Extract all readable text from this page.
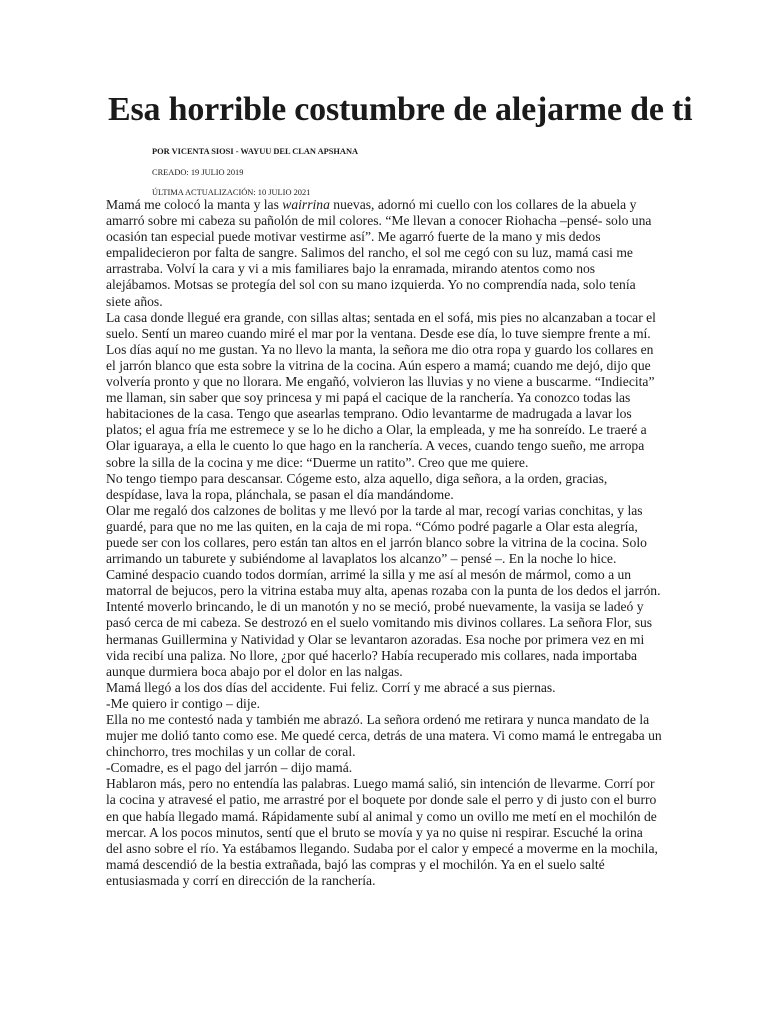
Esa horrible costumbre de alejarme de ti
POR VICENTA SIOSI - WAYUU DEL CLAN APSHANA
CREADO: 19 JULIO 2019
ÚLTIMA ACTUALIZACIÓN: 10 JULIO 2021

Mamá me colocó la manta y las wairrina nuevas, adornó mi cuello con los collares de la abuela y amarró sobre mi cabeza su pañolón de mil colores. “Me llevan a conocer Riohacha –pensé- solo una ocasión tan especial puede motivar vestirme así”. Me agarró fuerte de la mano y mis dedos empalidecieron por falta de sangre. Salimos del rancho, el sol me cegó con su luz, mamá casi me arrastraba. Volví la cara y vi a mis familiares bajo la enramada, mirando atentos como nos alejábamos. Motsas se protegía del sol con su mano izquierda. Yo no comprendía nada, solo tenía siete años.

La casa donde llegué era grande, con sillas altas; sentada en el sofá, mis pies no alcanzaban a tocar el suelo. Sentí un mareo cuando miré el mar por la ventana. Desde ese día, lo tuve siempre frente a mí. Los días aquí no me gustan. Ya no llevo la manta, la señora me dio otra ropa y guardo los collares en el jarrón blanco que esta sobre la vitrina de la cocina. Aún espero a mamá; cuando me dejó, dijo que volvería pronto y que no llorara. Me engañó, volvieron las lluvias y no viene a buscarme. “Indiecita” me llaman, sin saber que soy princesa y mi papá el cacique de la ranchería. Ya conozco todas las habitaciones de la casa. Tengo que asearlas temprano. Odio levantarme de madrugada a lavar los platos; el agua fría me estremece y se lo he dicho a Olar, la empleada, y me ha sonreído. Le traeré a Olar iguaraya, a ella le cuento lo que hago en la ranchería. A veces, cuando tengo sueño, me arropa sobre la silla de la cocina y me dice: “Duerme un ratito”. Creo que me quiere.

No tengo tiempo para descansar. Cógeme esto, alza aquello, diga señora, a la orden, gracias, despídase, lava la ropa, plánchala, se pasan el día mandándome.

Olar me regaló dos calzones de bolitas y me llevó por la tarde al mar, recogí varias conchitas, y las guardé, para que no me las quiten, en la caja de mi ropa. “Cómo podré pagarle a Olar esta alegría, puede ser con los collares, pero están tan altos en el jarrón blanco sobre la vitrina de la cocina. Solo arrimando un taburete y subiéndome al lavaplatos los alcanzo” – pensé –. En la noche lo hice. Caminé despacio cuando todos dormían, arrimé la silla y me así al mesón de mármol, como a un matorral de bejucos, pero la vitrina estaba muy alta, apenas rozaba con la punta de los dedos el jarrón. Intenté moverlo brincando, le di un manotón y no se meció, probé nuevamente, la vasija se ladeó y pasó cerca de mi cabeza. Se destrozó en el suelo vomitando mis divinos collares. La señora Flor, sus hermanas Guillermina y Natividad y Olar se levantaron azoradas. Esa noche por primera vez en mi vida recibí una paliza. No llore, ¿por qué hacerlo? Había recuperado mis collares, nada importaba aunque durmiera boca abajo por el dolor en las nalgas.

Mamá llegó a los dos días del accidente. Fui feliz. Corrí y me abracé a sus piernas.

-Me quiero ir contigo – dije.

Ella no me contestó nada y también me abrazó. La señora ordenó me retirara y nunca mandato de la mujer me dolió tanto como ese. Me quedé cerca, detrás de una matera. Vi como mamá le entregaba un chinchorro, tres mochilas y un collar de coral.

-Comadre, es el pago del jarrón – dijo mamá.

Hablaron más, pero no entendía las palabras. Luego mamá salió, sin intención de llevarme. Corrí por la cocina y atravesé el patio, me arrastré por el boquete por donde sale el perro y di justo con el burro en que había llegado mamá. Rápidamente subí al animal y como un ovillo me metí en el mochilón de mercar. A los pocos minutos, sentí que el bruto se movía y ya no quise ni respirar. Escuché la orina del asno sobre el río. Ya estábamos llegando. Sudaba por el calor y empecé a moverme en la mochila, mamá descendió de la bestia extrañada, bajó las compras y el mochilón. Ya en el suelo salté entusiasmada y corrí en dirección de la ranchería.
